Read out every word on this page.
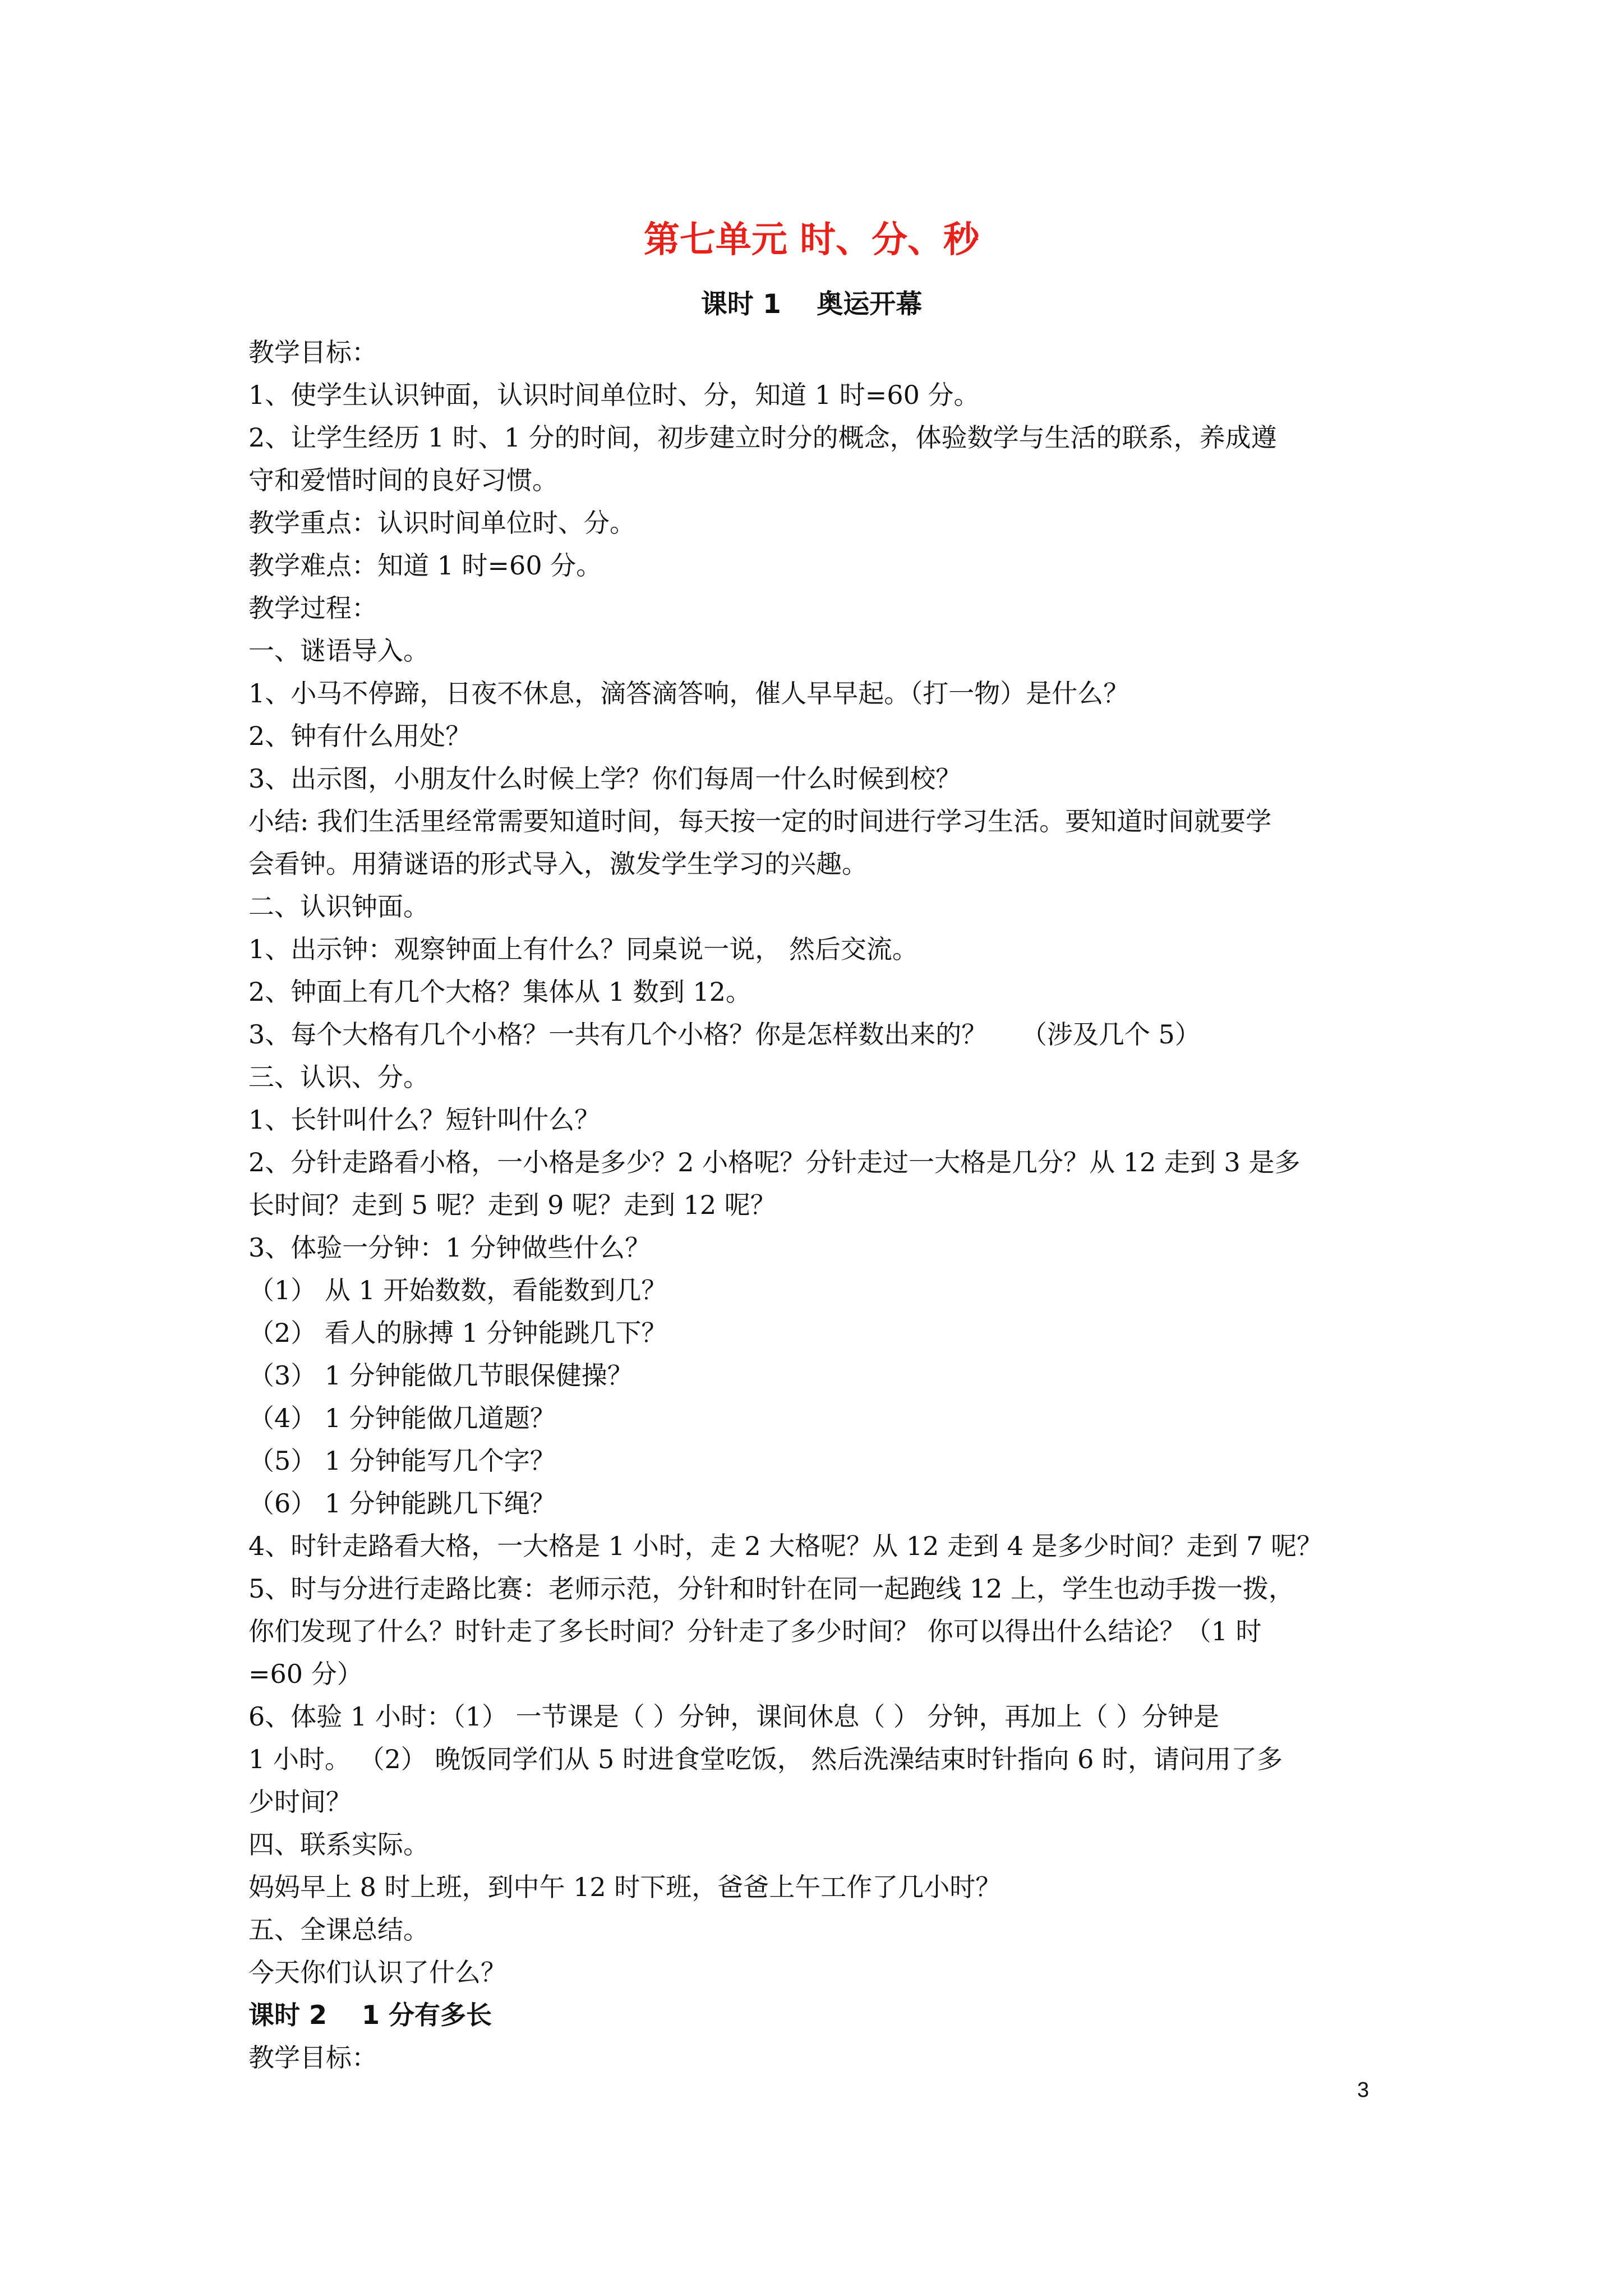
第七单元 时、分、秒
课时 1　 奥运开幕

教学目标：

1、使学生认识钟面，认识时间单位时、分，知道 1 时=60 分。

2、让学生经历 1 时、1 分的时间，初步建立时分的概念，体验数学与生活的联系，养成遵

守和爱惜时间的良好习惯。

教学重点：认识时间单位时、分。

教学难点：知道 1 时=60 分。

教学过程：

一、谜语导入。

1、小马不停蹄，日夜不休息，滴答滴答响，催人早早起。（打一物）是什么？

2、钟有什么用处？

3、出示图，小朋友什么时候上学？你们每周一什么时候到校？

小结: 我们生活里经常需要知道时间，每天按一定的时间进行学习生活。要知道时间就要学

会看钟。用猜谜语的形式导入，激发学生学习的兴趣。

二、认识钟面。

1、出示钟：观察钟面上有什么？同桌说一说， 然后交流。

2、钟面上有几个大格？集体从 1 数到 12。

3、每个大格有几个小格？一共有几个小格？你是怎样数出来的？　 （涉及几个 5）

三、认识、分。

1、长针叫什么？短针叫什么？

2、分针走路看小格，一小格是多少？2 小格呢？分针走过一大格是几分？从 12 走到 3 是多

长时间？走到 5 呢？走到 9 呢？走到 12 呢？

3、体验一分钟：1 分钟做些什么？

（1） 从 1 开始数数，看能数到几？

（2） 看人的脉搏 1 分钟能跳几下？

（3） 1 分钟能做几节眼保健操？

（4） 1 分钟能做几道题？

（5） 1 分钟能写几个字？

（6） 1 分钟能跳几下绳？

4、时针走路看大格，一大格是 1 小时，走 2 大格呢？从 12 走到 4 是多少时间？走到 7 呢？

5、时与分进行走路比赛：老师示范，分针和时针在同一起跑线 12 上，学生也动手拨一拨，

你们发现了什么？时针走了多长时间？分针走了多少时间？ 你可以得出什么结论？（1 时

=60 分）

6、体验 1 小时：（1） 一节课是（ ）分钟，课间休息（ ） 分钟，再加上（ ）分钟是

1 小时。 （2） 晚饭同学们从 5 时进食堂吃饭， 然后洗澡结束时针指向 6 时，请问用了多

少时间？

四、联系实际。

妈妈早上 8 时上班，到中午 12 时下班，爸爸上午工作了几小时？

五、全课总结。

今天你们认识了什么？

课时 2　 1 分有多长

教学目标：

3
